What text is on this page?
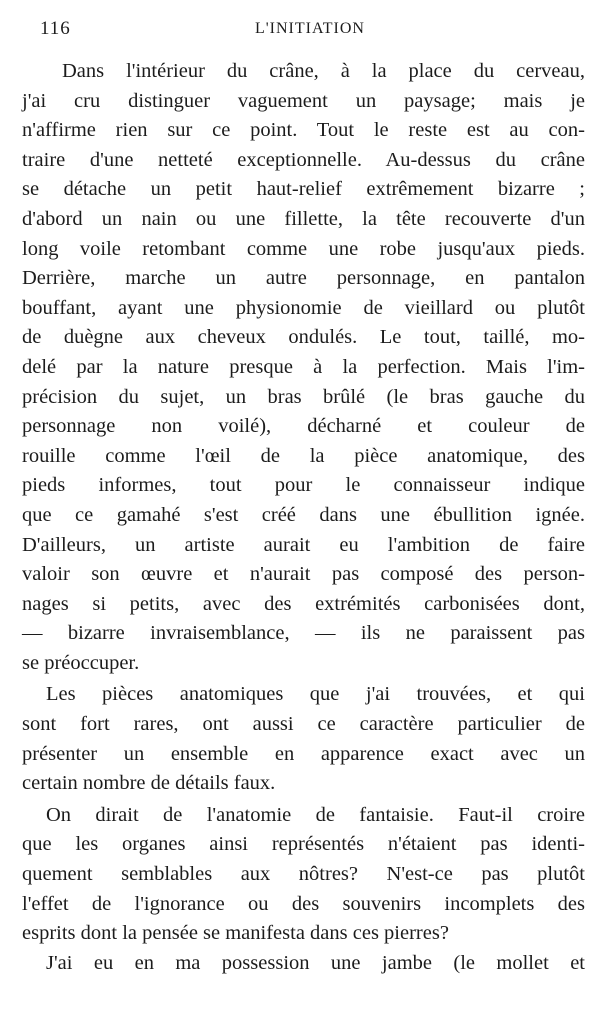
116	L'INITIATION
Dans l'intérieur du crâne, à la place du cerveau,
j'ai cru distinguer vaguement un paysage; mais je
n'affirme rien sur ce point. Tout le reste est au con-
traire d'une netteté exceptionnelle. Au-dessus du crâne
se détache un petit haut-relief extrêmement bizarre ;
d'abord un nain ou une fillette, la tête recouverte d'un
long voile retombant comme une robe jusqu'aux pieds.
Derrière, marche un autre personnage, en pantalon
bouffant, ayant une physionomie de vieillard ou plutôt
de duègne aux cheveux ondulés. Le tout, taillé, mo-
delé par la nature presque à la perfection. Mais l'im-
précision du sujet, un bras brûlé (le bras gauche du
personnage non voilé), décharné et couleur de
rouille comme l'œil de la pièce anatomique, des
pieds informes, tout pour le connaisseur indique
que ce gamahé s'est créé dans une ébullition ignée.
D'ailleurs, un artiste aurait eu l'ambition de faire
valoir son œuvre et n'aurait pas composé des person-
nages si petits, avec des extrémités carbonisées dont,
— bizarre invraisemblance, — ils ne paraissent pas
se préoccuper.
Les pièces anatomiques que j'ai trouvées, et qui
sont fort rares, ont aussi ce caractère particulier de
présenter un ensemble en apparence exact avec un
certain nombre de détails faux.
On dirait de l'anatomie de fantaisie. Faut-il croire
que les organes ainsi représentés n'étaient pas identi-
quement semblables aux nôtres? N'est-ce pas plutôt
l'effet de l'ignorance ou des souvenirs incomplets des
esprits dont la pensée se manifesta dans ces pierres?
J'ai eu en ma possession une jambe (le mollet et
